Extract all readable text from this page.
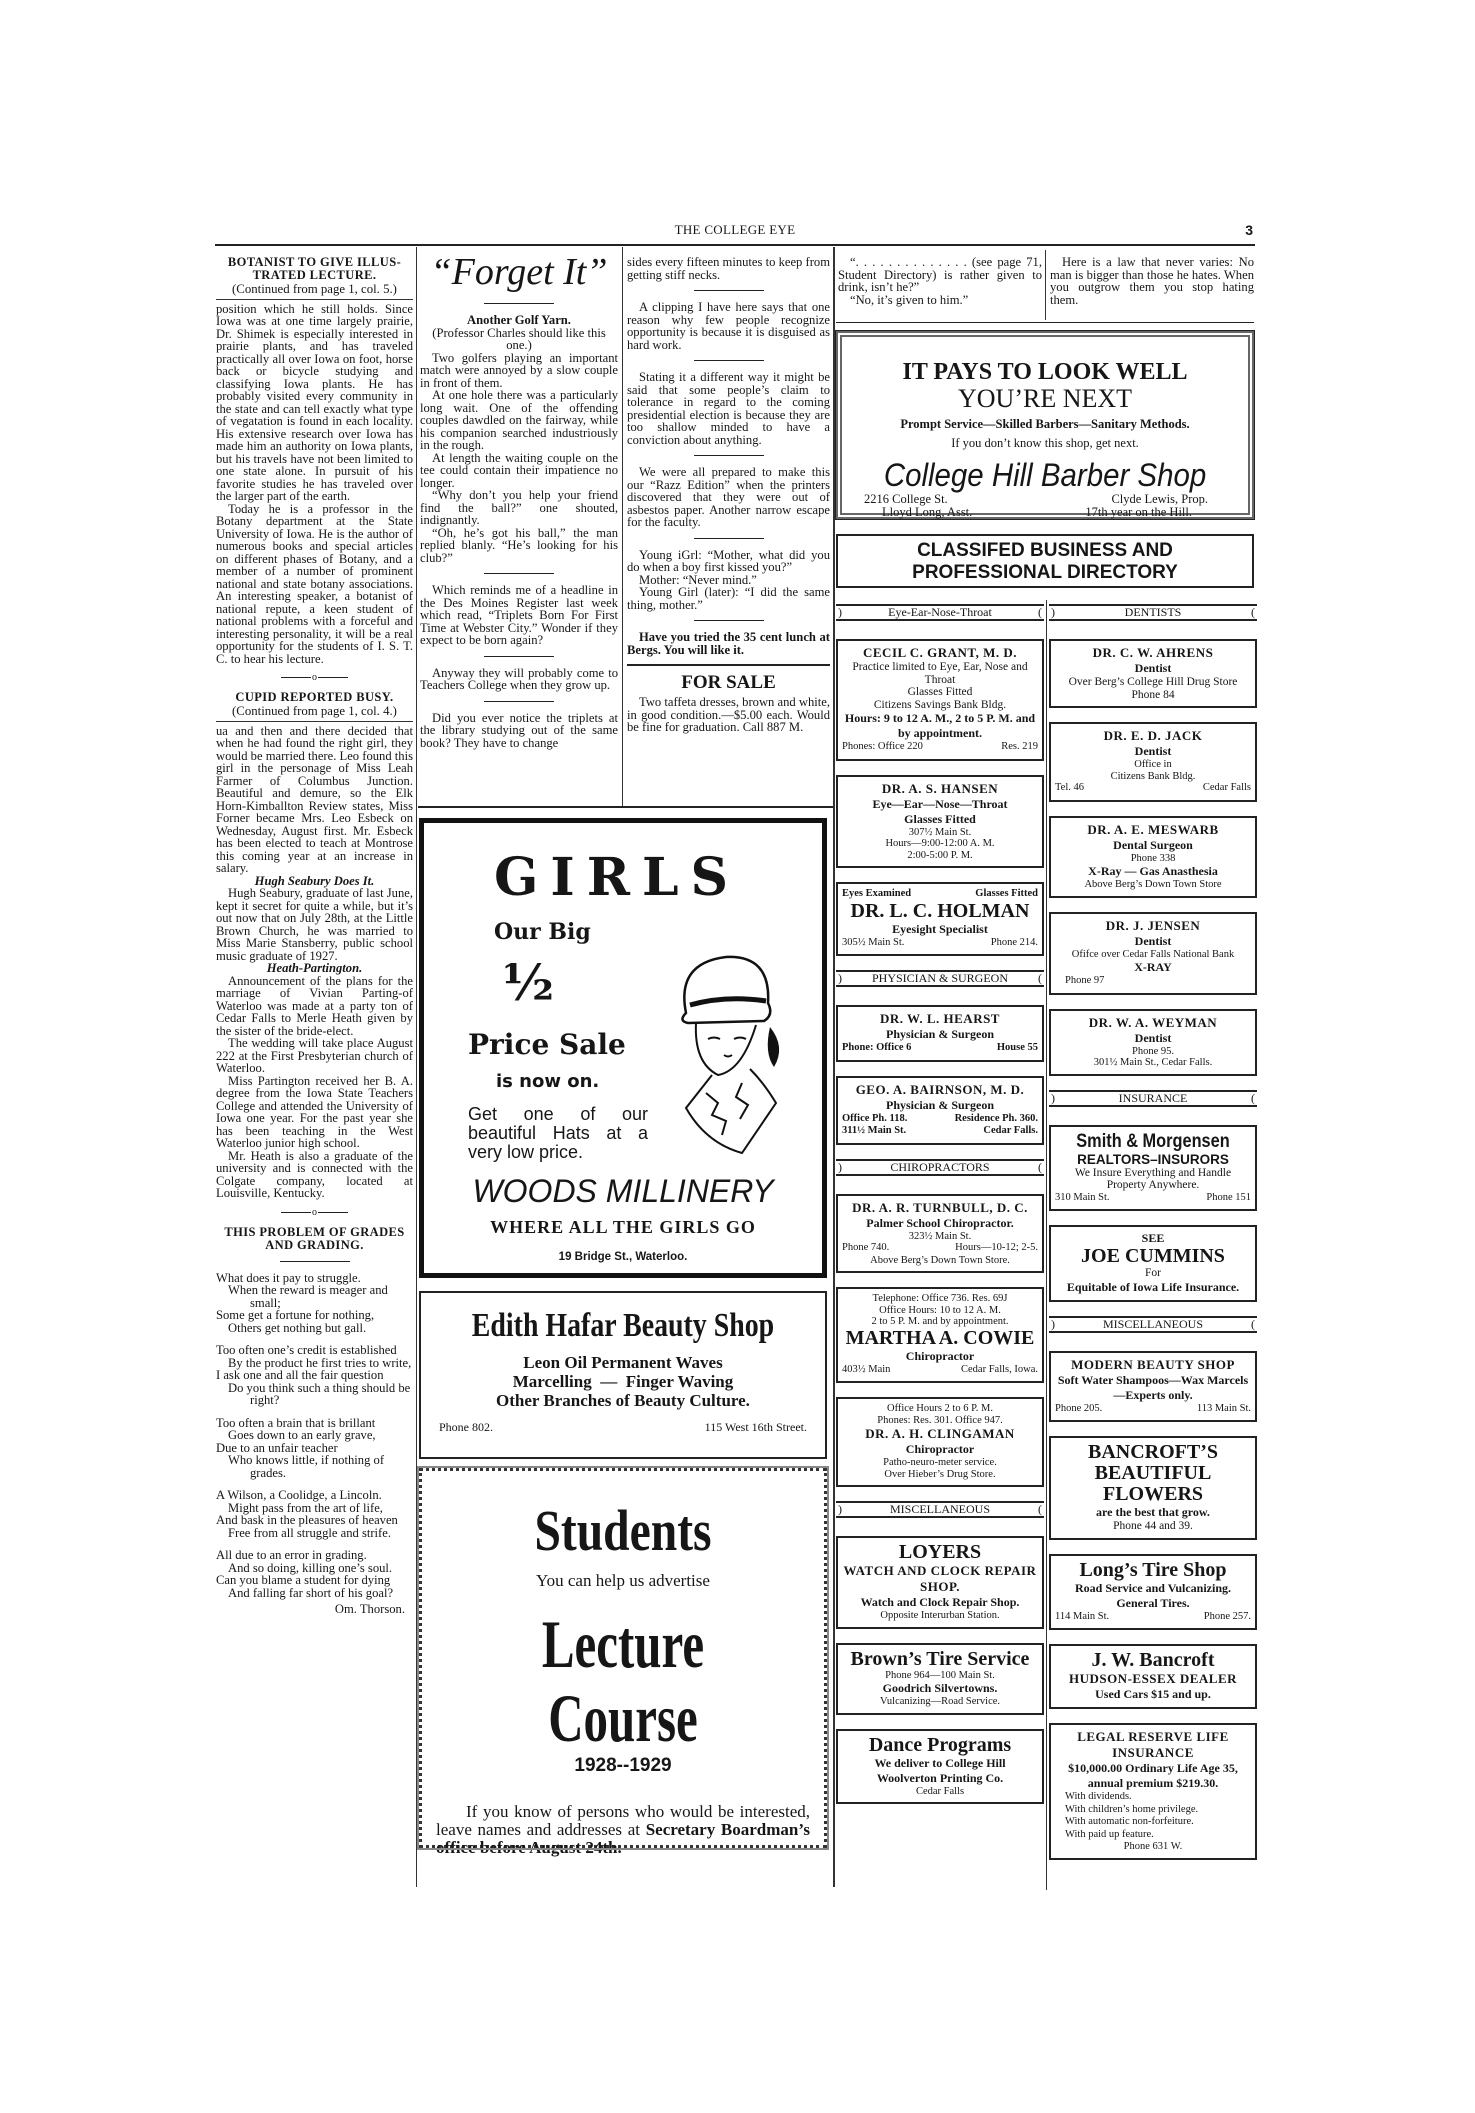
THE COLLEGE EYE	3
BOTANIST TO GIVE ILLUS-TRATED LECTURE.
(Continued from page 1, col. 5.)

position which he still holds. Since Iowa was at one time largely prairie, Dr. Shimek is especially interested in prairie plants, and has traveled practically all over Iowa on foot, horse back or bicycle studying and classifying Iowa plants. He has probably visited every community in the state and can tell exactly what type of vegatation is found in each locality. His extensive research over Iowa has made him an authority on Iowa plants, but his travels have not been limited to one state alone. In pursuit of his favorite studies he has traveled over the larger part of the earth.

Today he is a professor in the Botany department at the State University of Iowa. He is the author of numerous books and special articles on different phases of Botany, and a member of a number of prominent national and state botany associations. An interesting speaker, a botanist of national repute, a keen student of national problems with a forceful and interesting personality, it will be a real opportunity for the students of I. S. T. C. to hear his lecture.

o
CUPID REPORTED BUSY.
(Continued from page 1, col. 4.)

ua and then and there decided that when he had found the right girl, they would be married there. Leo found this girl in the personage of Miss Leah Farmer of Columbus Junction. Beautiful and demure, so the Elk Horn-Kimballton Review states, Miss Forner became Mrs. Leo Esbeck on Wednesday, August first. Mr. Esbeck has been elected to teach at Montrose this coming year at an increase in salary.

Hugh Seabury Does It.

Hugh Seabury, graduate of last June, kept it secret for quite a while, but it’s out now that on July 28th, at the Little Brown Church, he was married to Miss Marie Stansberry, public school music graduate of 1927.

Heath-Partington.

Announcement of the plans for the marriage of Vivian Parting-of Waterloo was made at a party ton of Cedar Falls to Merle Heath given by the sister of the bride-elect.

The wedding will take place August 222 at the First Presbyterian church of Waterloo.

Miss Partington received her B. A. degree from the Iowa State Teachers College and attended the University of Iowa one year. For the past year she has been teaching in the West Waterloo junior high school.

Mr. Heath is also a graduate of the university and is connected with the Colgate company, located at Louisville, Kentucky.

o
THIS PROBLEM OF GRADES AND GRADING.
What does it pay to struggle.
When the reward is meager and small;
Some get a fortune for nothing,
Others get nothing but gall.
Too often one’s credit is established
By the product he first tries to write,
I ask one and all the fair question
Do you think such a thing should be right?
Too often a brain that is brillant
Goes down to an early grave,
Due to an unfair teacher
Who knows little, if nothing of grades.
A Wilson, a Coolidge, a Lincoln.
Might pass from the art of life,
And bask in the pleasures of heaven
Free from all struggle and strife.
All due to an error in grading.
And so doing, killing one’s soul.
Can you blame a student for dying
And falling far short of his goal?
Om. Thorson.
“Forget It”
Another Golf Yarn.
(Professor Charles should like this one.)

Two golfers playing an important match were annoyed by a slow couple in front of them.

At one hole there was a particularly long wait. One of the offending couples dawdled on the fairway, while his companion searched industriously in the rough.

At length the waiting couple on the tee could contain their impatience no longer.

“Why don’t you help your friend find the ball?” one shouted, indignantly.

“Oh, he’s got his ball,” the man replied blanly. “He’s looking for his club?”

Which reminds me of a headline in the Des Moines Register last week which read, “Triplets Born For First Time at Webster City.” Wonder if they expect to be born again?

Anyway they will probably come to Teachers College when they grow up.

Did you ever notice the triplets at the library studying out of the same book? They have to change

sides every fifteen minutes to keep from getting stiff necks.

A clipping I have here says that one reason why few people recognize opportunity is because it is disguised as hard work.

Stating it a different way it might be said that some people’s claim to tolerance in regard to the coming presidential election is because they are too shallow minded to have a conviction about anything.

We were all prepared to make this our “Razz Edition” when the printers discovered that they were out of asbestos paper. Another narrow escape for the faculty.

Young iGrl: “Mother, what did you do when a boy first kissed you?”

Mother: “Never mind.”

Young Girl (later): “I did the same thing, mother.”

Have you tried the 35 cent lunch at Bergs. You will like it.

FOR SALE

Two taffeta dresses, brown and white, in good condition.—$5.00 each. Would be fine for graduation. Call 887 M.

“. . . . . . . . . . . . . . (see page 71, Student Directory) is rather given to drink, isn’t he?”

“No, it’s given to him.”

Here is a law that never varies: No man is bigger than those he hates. When you outgrow them you stop hating them.

IT PAYS TO LOOK WELL
YOU’RE NEXT
Prompt Service—Skilled Barbers—Sanitary Methods.
If you don’t know this shop, get next.
College Hill Barber Shop
2216 College St.	Clyde Lewis, Prop.
Lloyd Long, Asst.	17th year on the Hill.
CLASSIFED BUSINESS AND
PROFESSIONAL DIRECTORY
)	Eye-Ear-Nose-Throat	(
CECIL C. GRANT, M. D.
Practice limited to Eye, Ear, Nose and Throat
Glasses Fitted
Citizens Savings Bank Bldg.
Hours: 9 to 12 A. M., 2 to 5 P. M. and by appointment.
Phones: Office 220	Res. 219
DR. A. S. HANSEN
Eye—Ear—Nose—Throat
Glasses Fitted
307½ Main St.
Hours—9:00-12:00 A. M.
2:00-5:00 P. M.
Eyes Examined	Glasses Fitted
DR. L. C. HOLMAN
Eyesight Specialist
305½ Main St.	Phone 214.
) PHYSICIAN & SURGEON (
DR. W. L. HEARST
Physician & Surgeon
Phone: Office 6	House 55
GEO. A. BAIRNSON, M. D.
Physician & Surgeon
Office Ph. 118.	Residence Ph. 360.
311½ Main St.	Cedar Falls.
)	CHIROPRACTORS	(
DR. A. R. TURNBULL, D. C.
Palmer School Chiropractor.
323½ Main St.
Phone 740.	Hours—10-12; 2-5.
Above Berg’s Down Town Store.
Telephone: Office 736. Res. 69J
Office Hours: 10 to 12 A. M.
2 to 5 P. M. and by appointment.
MARTHA A. COWIE
Chiropractor
403½ Main	Cedar Falls, Iowa.
Office Hours 2 to 6 P. M.
Phones: Res. 301. Office 947.
DR. A. H. CLINGAMAN
Chiropractor
Patho-neuro-meter service.
Over Hieber’s Drug Store.
)	MISCELLANEOUS	(
LOYERS
WATCH AND CLOCK REPAIR SHOP.
Watch and Clock Repair Shop.
Opposite Interurban Station.
Brown’s Tire Service
Phone 964—100 Main St.
Goodrich Silvertowns.
Vulcanizing—Road Service.
Dance Programs
We deliver to College Hill
Woolverton Printing Co.
Cedar Falls
)	DENTISTS	(
DR. C. W. AHRENS
Dentist
Over Berg’s College Hill Drug Store
Phone 84
DR. E. D. JACK
Dentist
Office in
Citizens Bank Bldg.
Tel. 46	Cedar Falls
DR. A. E. MESWARB
Dental Surgeon
Phone 338
X-Ray — Gas Anasthesia
Above Berg’s Down Town Store
DR. J. JENSEN
Dentist
Ofifce over Cedar Falls National Bank
X-RAY
Phone 97
DR. W. A. WEYMAN
Dentist
Phone 95.
301½ Main St., Cedar Falls.
)	INSURANCE	(
Smith & Morgensen
REALTORS–INSURORS
We Insure Everything and Handle Property Anywhere.
310 Main St.	Phone 151
SEE
JOE CUMMINS
For
Equitable of Iowa Life Insurance.
)	MISCELLANEOUS	(
MODERN BEAUTY SHOP
Soft Water Shampoos—Wax Marcels—Experts only.
Phone 205.	113 Main St.
BANCROFT’S BEAUTIFUL FLOWERS
are the best that grow.
Phone 44 and 39.
Long’s Tire Shop
Road Service and Vulcanizing.
General Tires.
114 Main St.	Phone 257.
J. W. Bancroft
HUDSON-ESSEX DEALER
Used Cars $15 and up.
LEGAL RESERVE LIFE INSURANCE
$10,000.00 Ordinary Life Age 35, annual premium $219.30.
With dividends.
With children’s home privilege.
With automatic non-forfeiture.
With paid up feature.
Phone 631 W.
GIRLS
Our Big
½
Price Sale
is now on.
Get one of our beautiful Hats at a very low price.
WOODS MILLINERY
WHERE ALL THE GIRLS GO
19 Bridge St., Waterloo.
Edith Hafar Beauty Shop
Leon Oil Permanent Waves
Marcelling  —  Finger Waving
Other Branches of Beauty Culture.
Phone 802.	115 West 16th Street.
Students
You can help us advertise
Lecture Course
1928--1929
If you know of persons who would be interested, leave names and addresses at Secretary Boardman’s office before August 24th.
